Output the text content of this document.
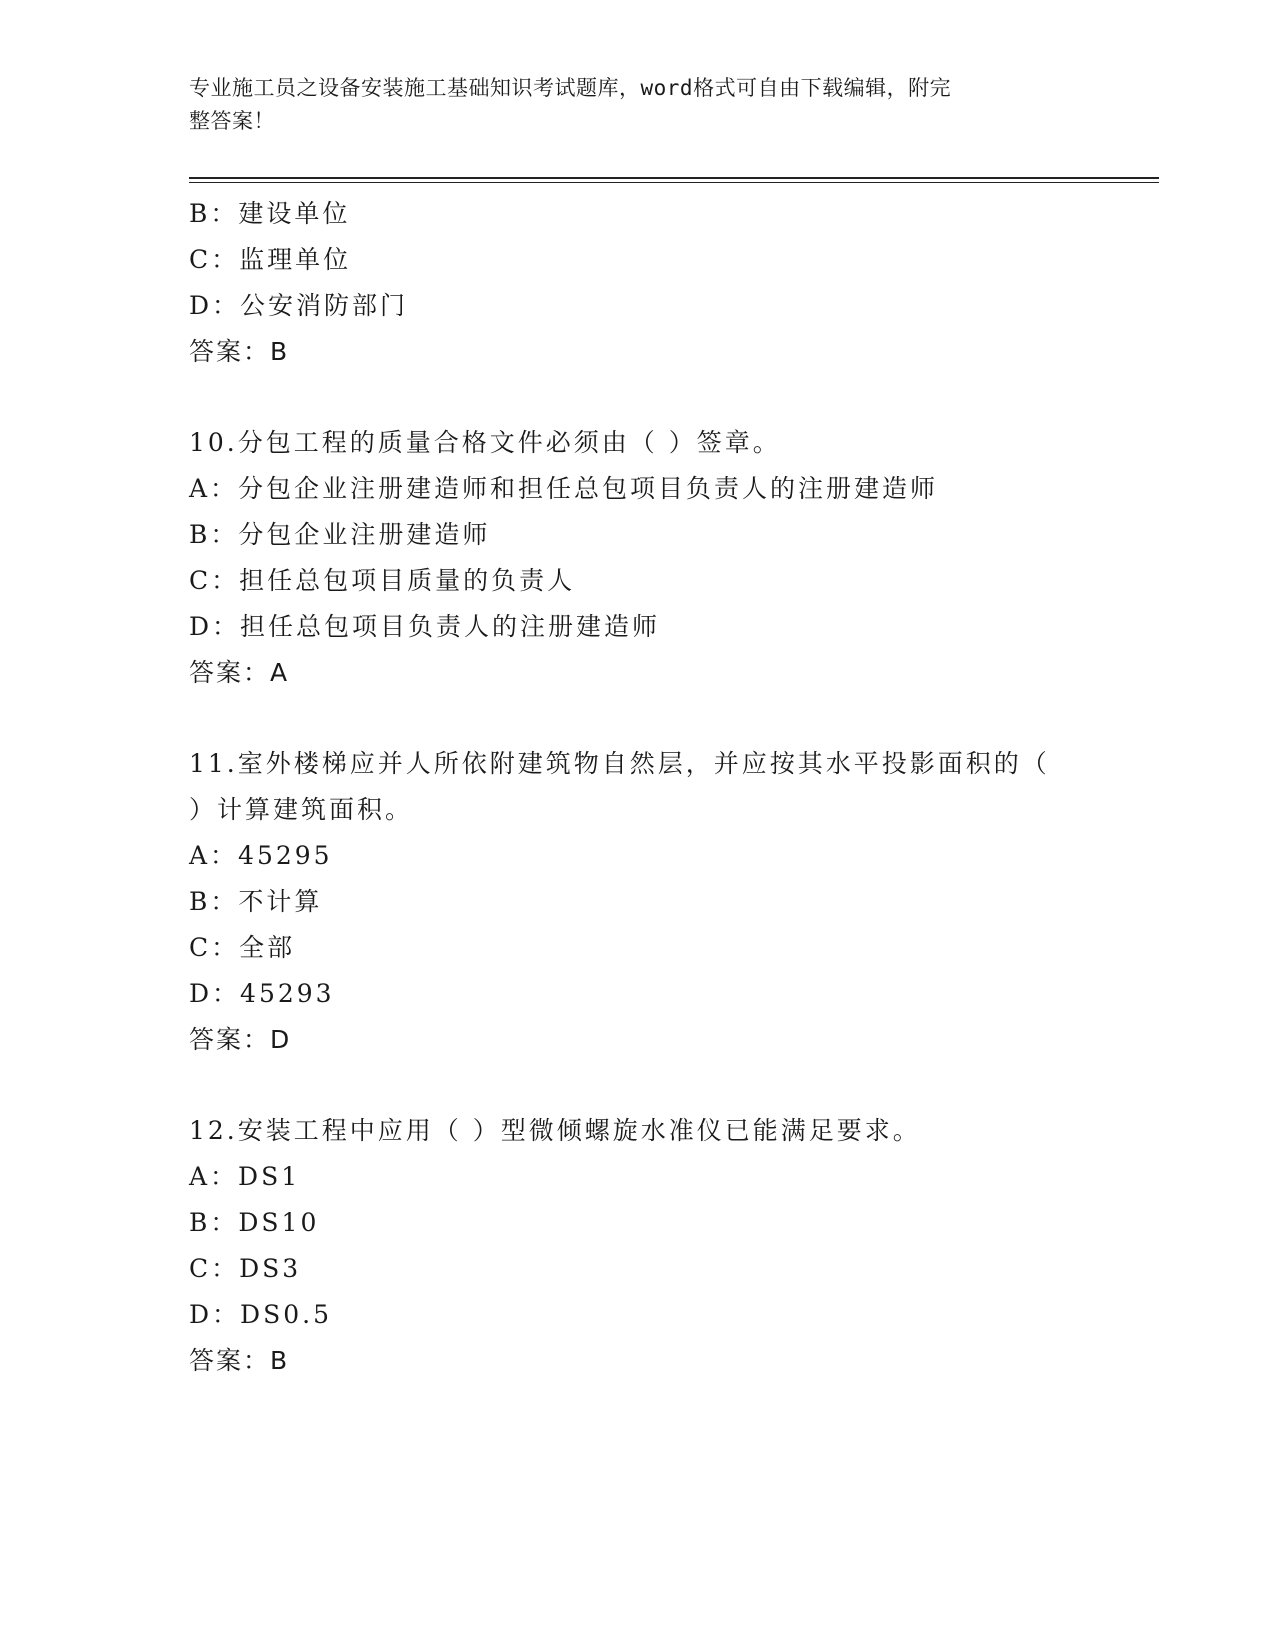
专业施工员之设备安装施工基础知识考试题库，word格式可自由下载编辑，附完
整答案！
B：建设单位
C：监理单位
D：公安消防部门
答案：B
10.分包工程的质量合格文件必须由（ ）签章。
A：分包企业注册建造师和担任总包项目负责人的注册建造师
B：分包企业注册建造师
C：担任总包项目质量的负责人
D：担任总包项目负责人的注册建造师
答案：A
11.室外楼梯应并人所依附建筑物自然层，并应按其水平投影面积的（
）计算建筑面积。
A：45295
B：不计算
C：全部
D：45293
答案：D
12.安装工程中应用（ ）型微倾螺旋水准仪已能满足要求。
A：DS1
B：DS10
C：DS3
D：DS0.5
答案：B
